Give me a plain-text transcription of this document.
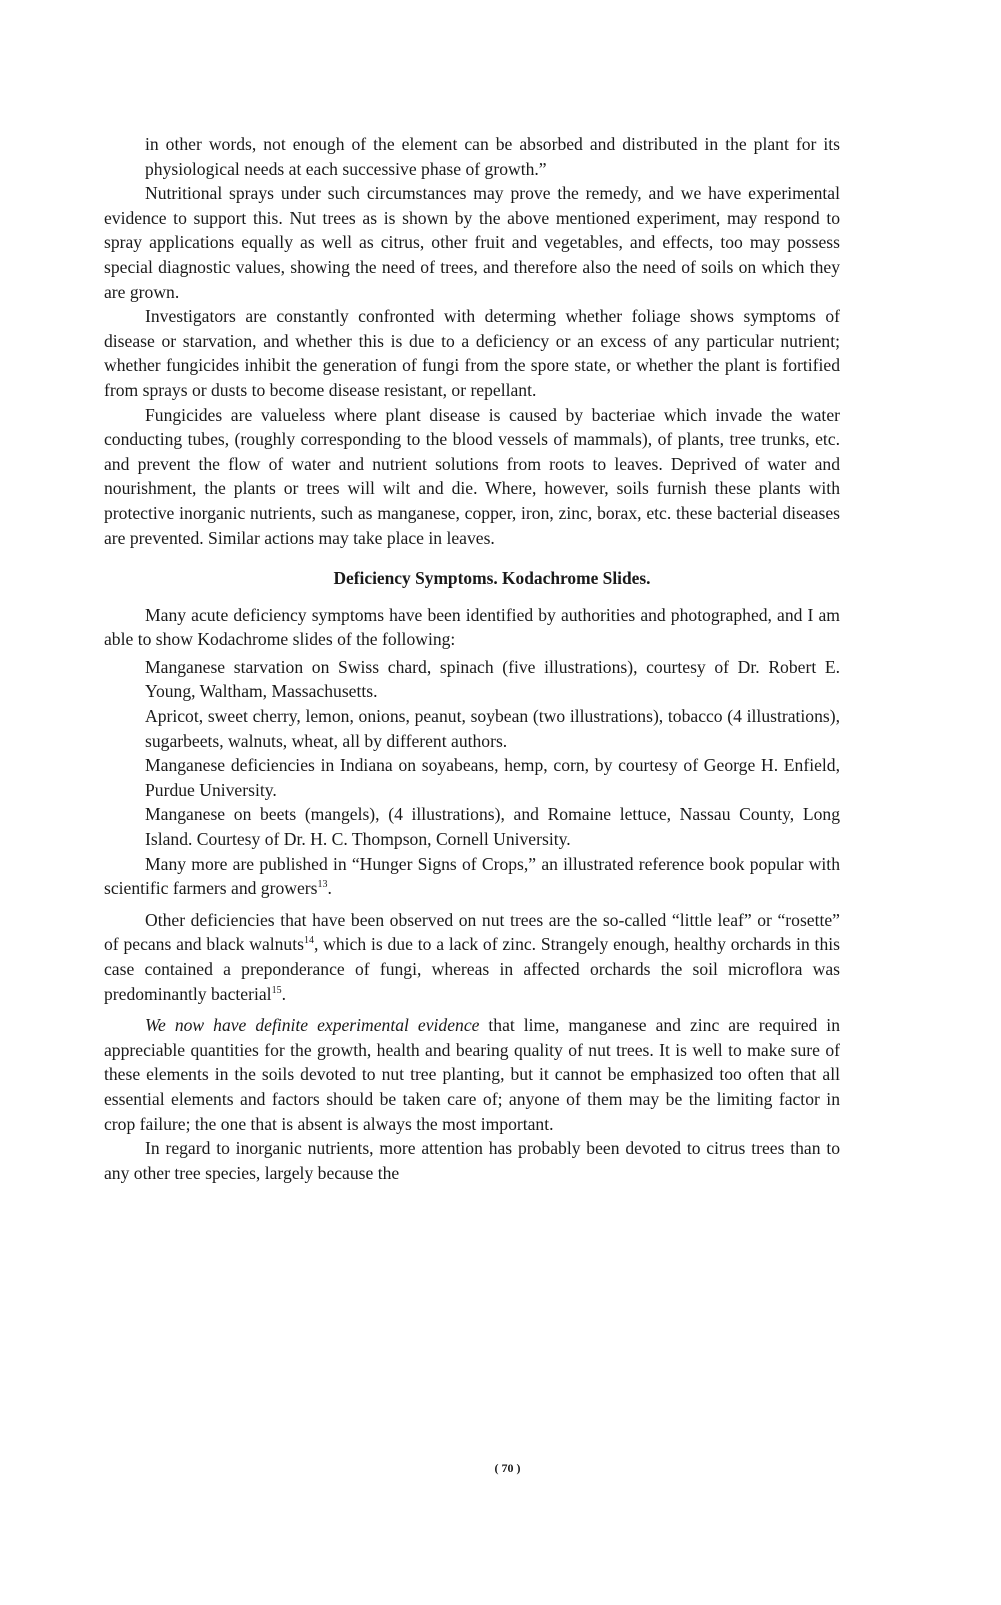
in other words, not enough of the element can be absorbed and distributed in the plant for its physiological needs at each successive phase of growth.”

Nutritional sprays under such circumstances may prove the remedy, and we have experimental evidence to support this. Nut trees as is shown by the above mentioned experiment, may respond to spray applications equally as well as citrus, other fruit and vegetables, and effects, too may possess special diagnostic values, showing the need of trees, and therefore also the need of soils on which they are grown.

Investigators are constantly confronted with determing whether foliage shows symptoms of disease or starvation, and whether this is due to a deficiency or an excess of any particular nutrient; whether fungicides inhibit the generation of fungi from the spore state, or whether the plant is fortified from sprays or dusts to become disease resistant, or repellant.

Fungicides are valueless where plant disease is caused by bacteriae which invade the water conducting tubes, (roughly corresponding to the blood vessels of mammals), of plants, tree trunks, etc. and prevent the flow of water and nutrient solutions from roots to leaves. Deprived of water and nourishment, the plants or trees will wilt and die. Where, however, soils furnish these plants with protective inorganic nutrients, such as manganese, copper, iron, zinc, borax, etc. these bacterial diseases are prevented. Similar actions may take place in leaves.

Deficiency Symptoms. Kodachrome Slides.

Many acute deficiency symptoms have been identified by authorities and photographed, and I am able to show Kodachrome slides of the following:

Manganese starvation on Swiss chard, spinach (five illustrations), courtesy of Dr. Robert E. Young, Waltham, Massachusetts.

Apricot, sweet cherry, lemon, onions, peanut, soybean (two illustrations), tobacco (4 illustrations), sugarbeets, walnuts, wheat, all by different authors.

Manganese deficiencies in Indiana on soyabeans, hemp, corn, by courtesy of George H. Enfield, Purdue University.

Manganese on beets (mangels), (4 illustrations), and Romaine lettuce, Nassau County, Long Island. Courtesy of Dr. H. C. Thompson, Cornell University.

Many more are published in “Hunger Signs of Crops,” an illustrated reference book popular with scientific farmers and growers$^{13}$.

Other deficiencies that have been observed on nut trees are the so-called “little leaf” or “rosette” of pecans and black walnuts$^{14}$, which is due to a lack of zinc. Strangely enough, healthy orchards in this case contained a preponderance of fungi, whereas in affected orchards the soil microflora was predominantly bacterial$^{15}$.

We now have definite experimental evidence that lime, manganese and zinc are required in appreciable quantities for the growth, health and bearing quality of nut trees. It is well to make sure of these elements in the soils devoted to nut tree planting, but it cannot be emphasized too often that all essential elements and factors should be taken care of; anyone of them may be the limiting factor in crop failure; the one that is absent is always the most important.

In regard to inorganic nutrients, more attention has probably been devoted to citrus trees than to any other tree species, largely because the

( 70 )
